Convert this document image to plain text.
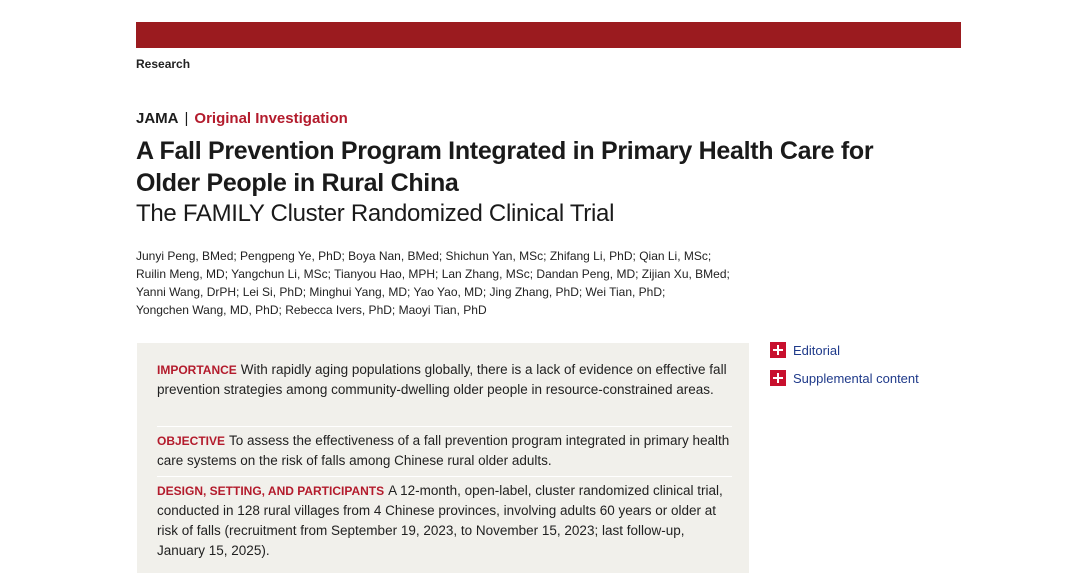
Research
JAMA | Original Investigation
A Fall Prevention Program Integrated in Primary Health Care for Older People in Rural China
The FAMILY Cluster Randomized Clinical Trial
Junyi Peng, BMed; Pengpeng Ye, PhD; Boya Nan, BMed; Shichun Yan, MSc; Zhifang Li, PhD; Qian Li, MSc;
Ruilin Meng, MD; Yangchun Li, MSc; Tianyou Hao, MPH; Lan Zhang, MSc; Dandan Peng, MD; Zijian Xu, BMed;
Yanni Wang, DrPH; Lei Si, PhD; Minghui Yang, MD; Yao Yao, MD; Jing Zhang, PhD; Wei Tian, PhD;
Yongchen Wang, MD, PhD; Rebecca Ivers, PhD; Maoyi Tian, PhD
Editorial
Supplemental content
IMPORTANCE With rapidly aging populations globally, there is a lack of evidence on effective fall prevention strategies among community-dwelling older people in resource-constrained areas.
OBJECTIVE To assess the effectiveness of a fall prevention program integrated in primary health care systems on the risk of falls among Chinese rural older adults.
DESIGN, SETTING, AND PARTICIPANTS A 12-month, open-label, cluster randomized clinical trial, conducted in 128 rural villages from 4 Chinese provinces, involving adults 60 years or older at risk of falls (recruitment from September 19, 2023, to November 15, 2023; last follow-up, January 15, 2025).
